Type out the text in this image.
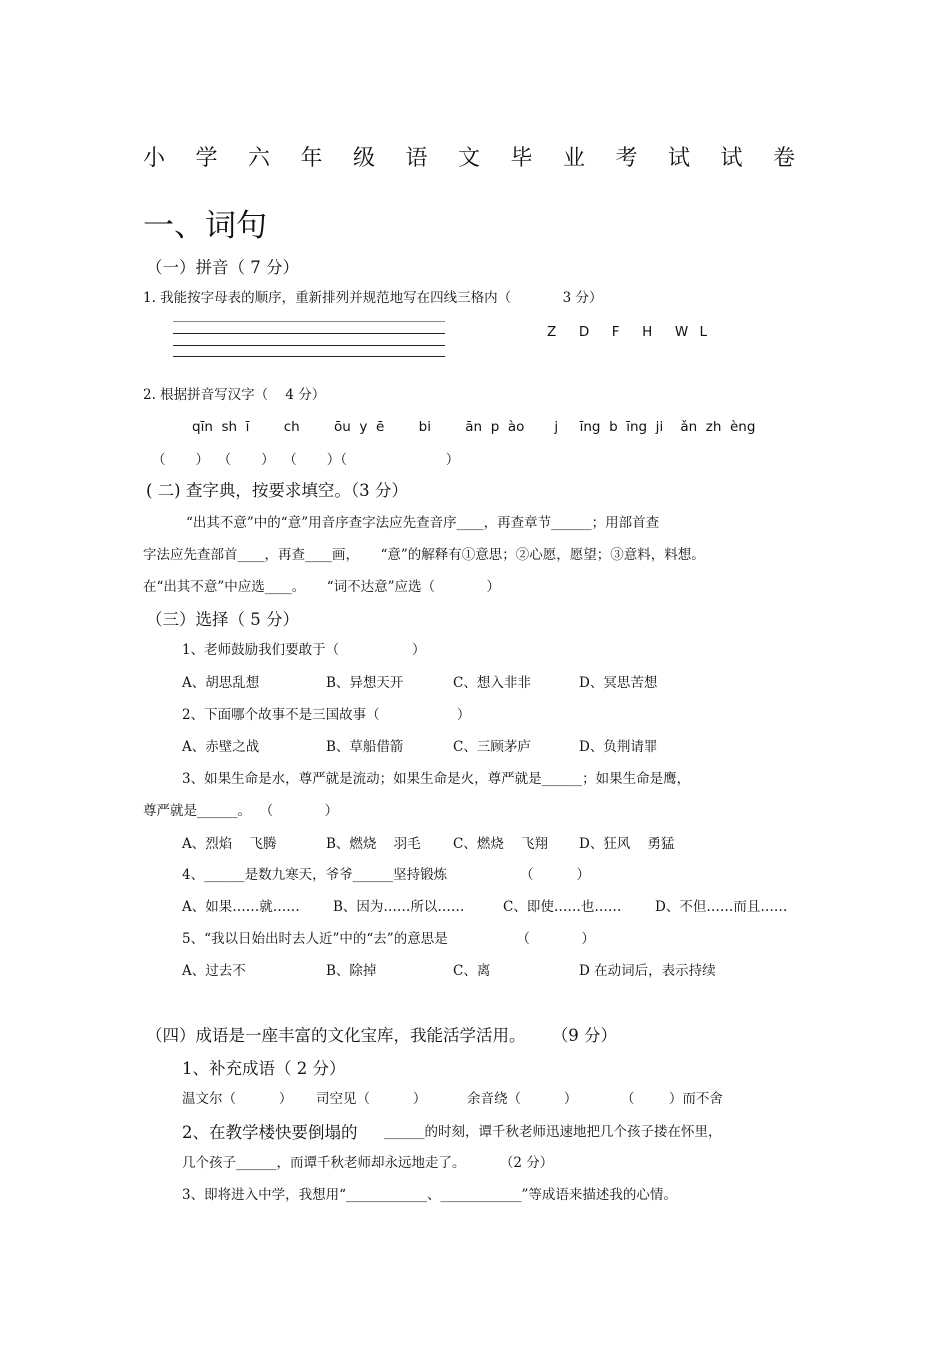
小 学 六 年 级 语 文 毕 业 考 试 试 卷
一、词句
（一）拼音（ 7 分）
1. 我能按字母表的顺序，重新排列并规范地写在四线三格内（            3 分）
Z  D  F  H  W L
2. 根据拼音写汉字（    4 分）
qīn  sh  ī        ch        ōu  y  ē        bi        ān  p  ào       j     īng  b  īng  ji    ǎn  zh  èng
（       ）  （       ）  （       ）（                       ）
( 二) 查字典，按要求填空。（3 分）
“出其不意”中的“意”用音序查字法应先查音序____，再查章节______；用部首查
字法应先查部首____，再查____画，     “意”的解释有①意思；②心愿，愿望；③意料，料想。
在“出其不意”中应选____。     “词不达意”应选（            ）
（三）选择（ 5 分）
1、老师鼓励我们要敢于（                 ）
A、胡思乱想	B、异想天开	C、想入非非	D、冥思苦想
2、下面哪个故事不是三国故事（                  ）
A、赤壁之战	B、草船借箭	C、三顾茅庐	D、负荆请罪
3、如果生命是水，尊严就是流动；如果生命是火，尊严就是______；如果生命是鹰，
尊严就是______。  （            ）
A、烈焰    飞腾	B、燃烧    羽毛 C、燃烧    飞翔 D、狂风    勇猛
4、______是数九寒天，爷爷______坚持锻炼                 （          ）
A、如果……就…… B、因为……所以……	C、即使……也…… D、不但……而且……
5、“我以日始出时去人近”中的“去”的意思是                （            ）
A、过去不	B、除掉	C、离	D 在动词后，表示持续
（四）成语是一座丰富的文化宝库，我能活学活用。     （9 分）
1、补充成语（ 2 分）
温文尔（          ） 司空见（          ）	余音绕（          ）	（        ）而不舍
2、在教学楼快要倒塌的 ______的时刻，谭千秋老师迅速地把几个孩子搂在怀里，
几个孩子______，而谭千秋老师却永远地走了。        （2 分）
3、即将进入中学，我想用“____________、____________”等成语来描述我的心情。
